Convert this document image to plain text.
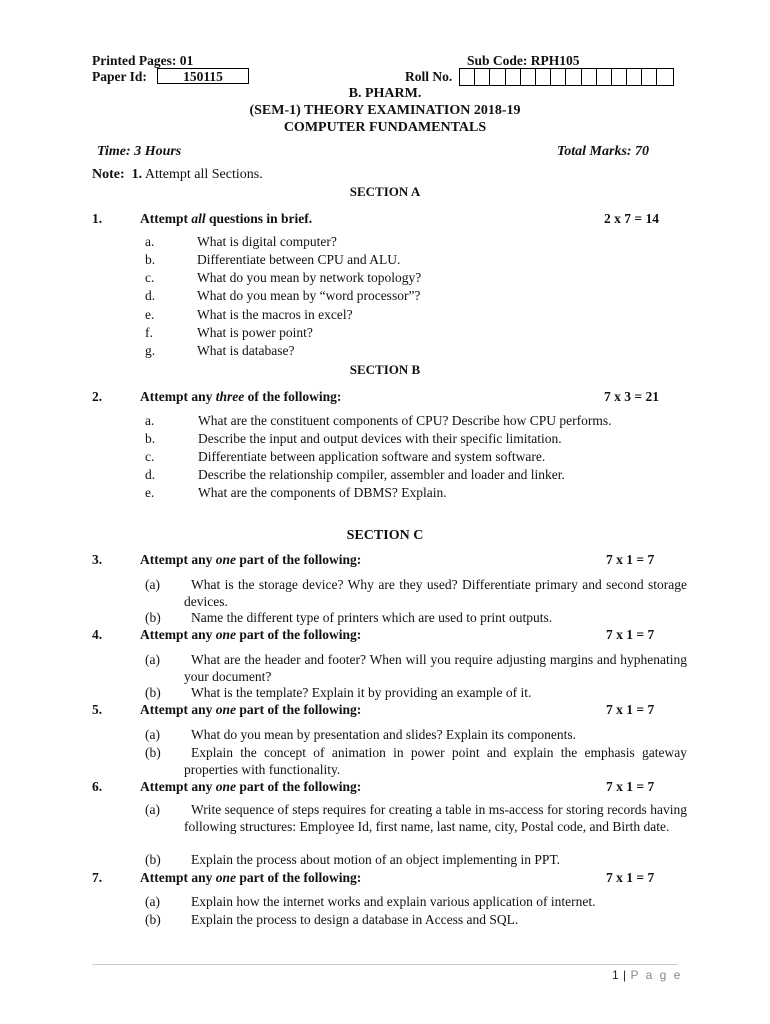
Printed Pages: 01	Sub Code: RPH105
Paper Id:	150115	Roll No.
B. PHARM.
(SEM-1) THEORY EXAMINATION 2018-19
COMPUTER FUNDAMENTALS
Time: 3 Hours	Total Marks: 70
Note: 1. Attempt all Sections.
SECTION A
1.	Attempt all questions in brief.	2 x 7 = 14
a.	What is digital computer?
b.	Differentiate between CPU and ALU.
c.	What do you mean by network topology?
d.	What do you mean by “word processor”?
e.	What is the macros in excel?
f.	What is power point?
g.	What is database?
SECTION B
2.	Attempt any three of the following:	7 x 3 = 21
a.	What are the constituent components of CPU? Describe how CPU performs.
b.	Describe the input and output devices with their specific limitation.
c.	Differentiate between application software and system software.
d.	Describe the relationship compiler, assembler and loader and linker.
e.	What are the components of DBMS? Explain.
SECTION C
3.	Attempt any one part of the following:	7 x 1 = 7
(a)	What is the storage device? Why are they used? Differentiate primary and second storage devices.
(b) Name the different type of printers which are used to print outputs.
4.	Attempt any one part of the following:	7 x 1 = 7
(a)	What are the header and footer? When will you require adjusting margins and hyphenating your document?
(b) What is the template? Explain it by providing an example of it.
5.	Attempt any one part of the following:	7 x 1 = 7
(a) What do you mean by presentation and slides? Explain its components.
(b)	Explain the concept of animation in power point and explain the emphasis gateway properties with functionality.
6.	Attempt any one part of the following:	7 x 1 = 7
(a)	Write sequence of steps requires for creating a table in ms-access for storing records having following structures: Employee Id, first name, last name, city, Postal code, and Birth date.
(b) Explain the process about motion of an object implementing in PPT.
7.	Attempt any one part of the following:	7 x 1 = 7
(a) Explain how the internet works and explain various application of internet.
(b) Explain the process to design a database in Access and SQL.
1 | P a g e
